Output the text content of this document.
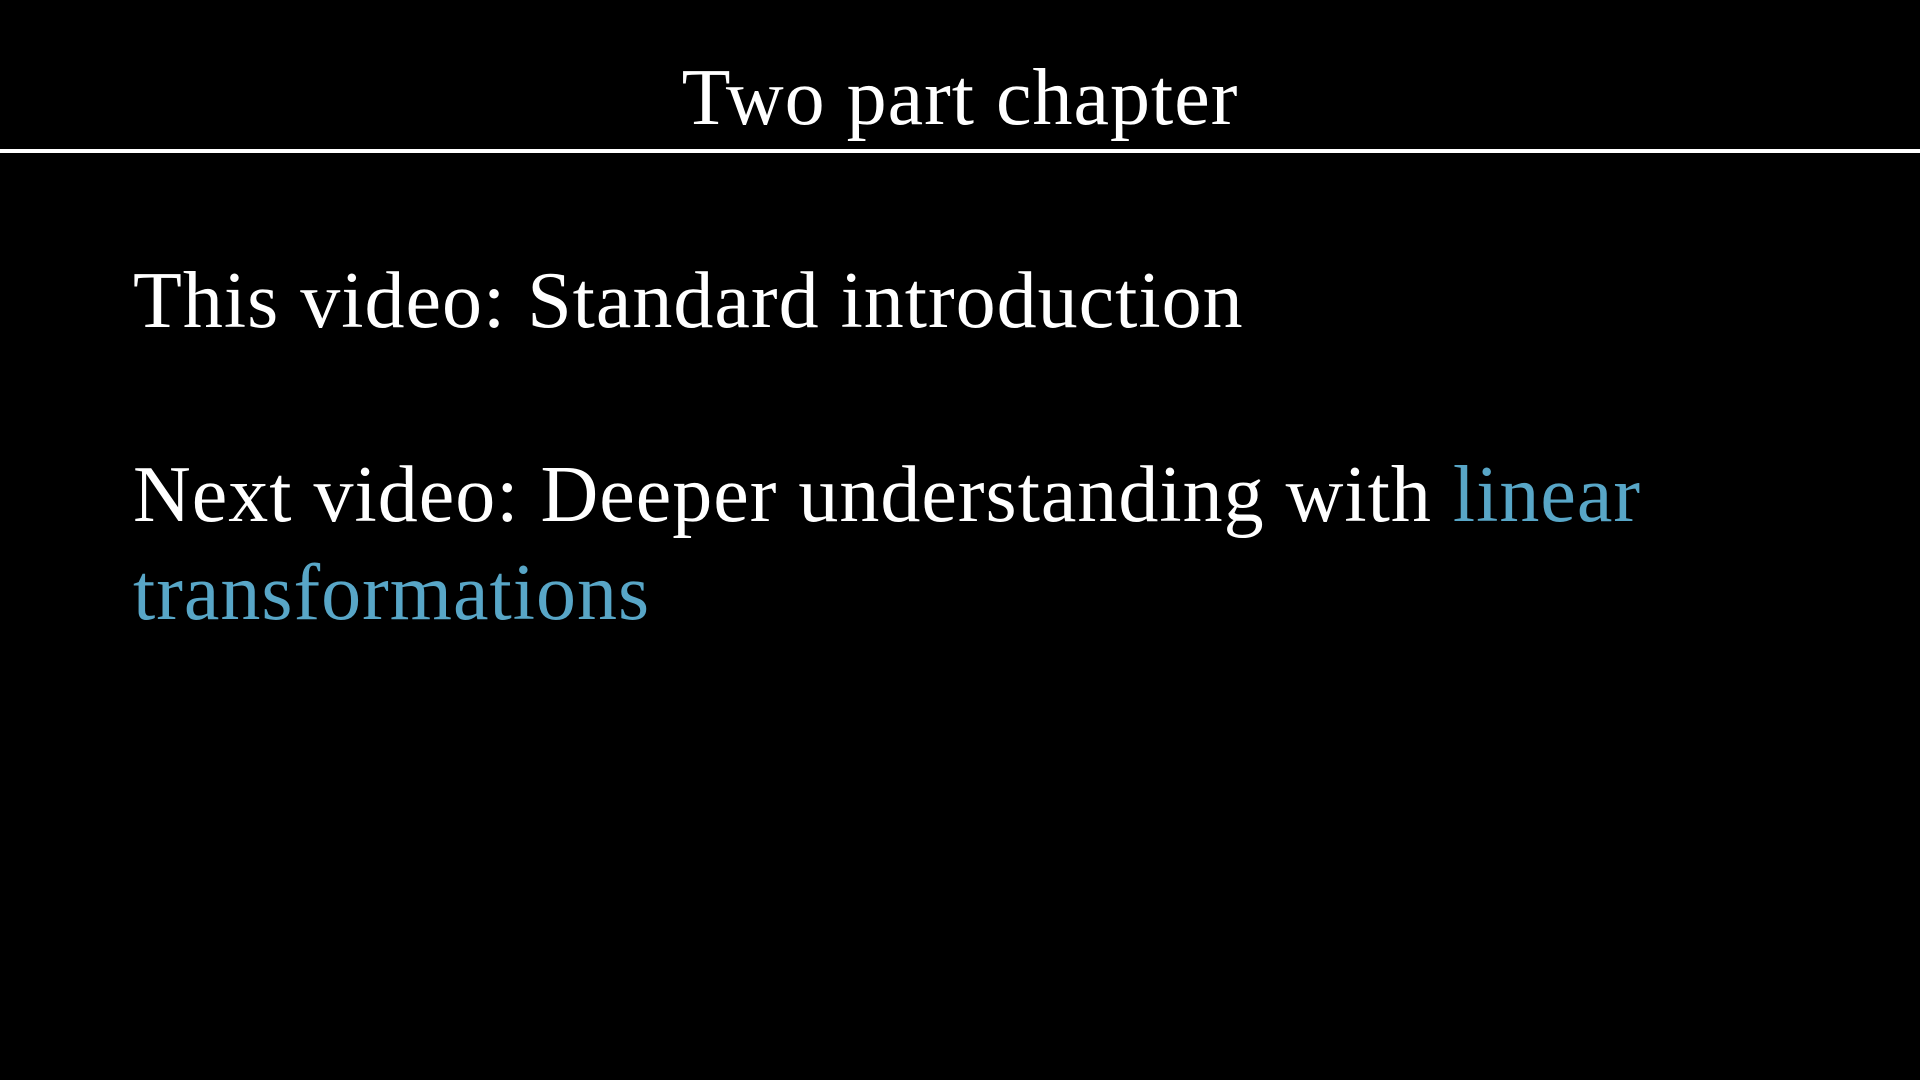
Two part chapter
This video: Standard introduction
Next video: Deeper understanding with linear transformations
